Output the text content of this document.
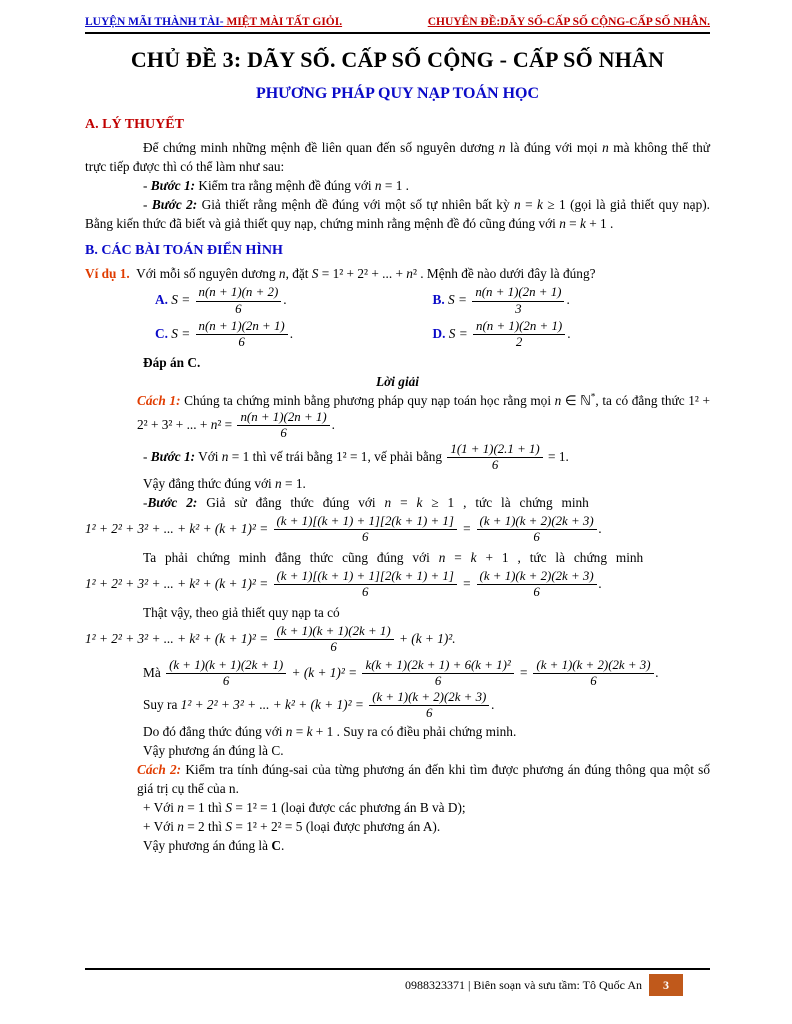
LUYỆN MÃI THÀNH TÀI- MIỆT MÀI TẤT GIỎI.	CHUYÊN ĐỀ:DÃY SỐ-CẤP SỐ CỘNG-CẤP SỐ NHÂN.
CHỦ ĐỀ 3: DÃY SỐ. CẤP SỐ CỘNG - CẤP SỐ NHÂN
PHƯƠNG PHÁP QUY NẠP TOÁN HỌC
A. LÝ THUYẾT
Để chứng minh những mệnh đề liên quan đến số nguyên dương n là đúng với mọi n mà không thể thử trực tiếp được thì có thể làm như sau:
- Bước 1: Kiểm tra rằng mệnh đề đúng với n = 1 .
- Bước 2: Giả thiết rằng mệnh đề đúng với một số tự nhiên bất kỳ n = k ≥ 1 (gọi là giả thiết quy nạp). Bằng kiến thức đã biết và giả thiết quy nạp, chứng minh rằng mệnh đề đó cũng đúng với n = k + 1 .
B. CÁC BÀI TOÁN ĐIỂN HÌNH
Ví dụ 1.  Với mỗi số nguyên dương n, đặt S = 1² + 2² + ... + n² . Mệnh đề nào dưới đây là đúng?
A. $S = \frac{n(n + 1)(n + 2)}{6}$ .	B. $S = \frac{n(n + 1)(2n + 1)}{3}$ .
C. $S = \frac{n(n + 1)(2n + 1)}{6}$ .	D. $S = \frac{n(n + 1)(2n + 1)}{2}$ .
Đáp án C.
Lời giải
Cách 1: Chúng ta chứng minh bằng phương pháp quy nạp toán học rằng mọi n ∈ ℕ*, ta có đẳng thức 1² + 2² + 3² + ... + $n^2 = \frac{n(n + 1)(2n + 1)}{6}$ .
- Bước 1: Với n = 1 thì vế trái bằng 1² = 1, vế phải bằng $\frac{1(1 + 1)(2.1 + 1)}{6} = 1$.
Vậy đẳng thức đúng với n = 1.
-Bước 2: Giả sử đẳng thức đúng với n = k ≥ 1 , tức là chứng minh
1² + 2² + 3² + ... + $k^2 + (k + 1)^2 = \frac{(k + 1)[(k + 1) + 1][2(k + 1) + 1]}{6} = \frac{(k + 1)(k + 2)(2k + 3)}{6}$ .
Ta phải chứng minh đẳng thức cũng đúng với n = k + 1 , tức là chứng minh
1² + 2² + 3² + ... + $k^2 + (k + 1)^2 = \frac{(k + 1)[(k + 1) + 1][2(k + 1) + 1]}{6} = \frac{(k + 1)(k + 2)(2k + 3)}{6}$ .
Thật vậy, theo giả thiết quy nạp ta có
1² + 2² + 3² + ... + $k^2 + (k + 1)^2 = \frac{(k + 1)(k + 1)(2k + 1)}{6} + (k + 1)^2$.
Mà $\frac{(k + 1)(k + 1)(2k + 1)}{6} + (k + 1)^2 = \frac{\text{k(k + 1)(2k + 1) + 6(k + 1)²}}{6} = \frac{(k + 1)(k + 2)(2k + 3)}{6}$ .
Suy ra 1² + 2² + 3² + ... + $k^2 + (k + 1)^2 = \frac{(k + 1)(k + 2)(2k + 3)}{6}$ .
Do đó đẳng thức đúng với n = k + 1 . Suy ra có điều phải chứng minh.
Vậy phương án đúng là C.
Cách 2: Kiểm tra tính đúng-sai của từng phương án đến khi tìm được phương án đúng thông qua một số giá trị cụ thể của n.
+ Với n = 1 thì S = 1² = 1 (loại được các phương án B và D);
+ Với n = 2 thì S = 1² + 2² = 5 (loại được phương án A).
Vậy phương án đúng là C.
0988323371 | Biên soạn và sưu tầm: Tô Quốc An	3
